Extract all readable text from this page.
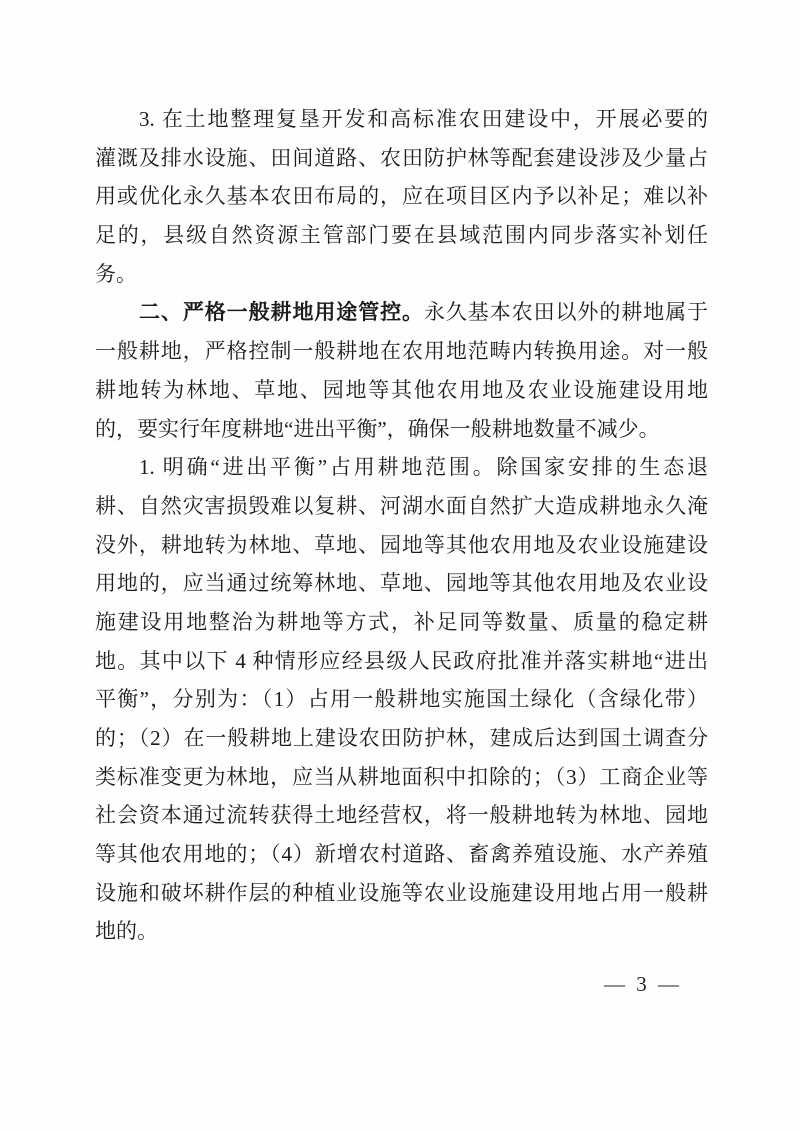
3. 在土地整理复垦开发和高标准农田建设中，开展必要的
灌溉及排水设施、田间道路、农田防护林等配套建设涉及少量占
用或优化永久基本农田布局的，应在项目区内予以补足；难以补
足的，县级自然资源主管部门要在县域范围内同步落实补划任
务。
二、严格一般耕地用途管控。永久基本农田以外的耕地属于
一般耕地，严格控制一般耕地在农用地范畴内转换用途。对一般
耕地转为林地、草地、园地等其他农用地及农业设施建设用地
的，要实行年度耕地“进出平衡”，确保一般耕地数量不减少。
1. 明确“进出平衡”占用耕地范围。除国家安排的生态退
耕、自然灾害损毁难以复耕、河湖水面自然扩大造成耕地永久淹
没外，耕地转为林地、草地、园地等其他农用地及农业设施建设
用地的，应当通过统筹林地、草地、园地等其他农用地及农业设
施建设用地整治为耕地等方式，补足同等数量、质量的稳定耕
地。其中以下 4 种情形应经县级人民政府批准并落实耕地“进出
平衡”，分别为：（1）占用一般耕地实施国土绿化（含绿化带）
的；（2）在一般耕地上建设农田防护林，建成后达到国土调查分
类标准变更为林地，应当从耕地面积中扣除的；（3）工商企业等
社会资本通过流转获得土地经营权，将一般耕地转为林地、园地
等其他农用地的；（4）新增农村道路、畜禽养殖设施、水产养殖
设施和破坏耕作层的种植业设施等农业设施建设用地占用一般耕
地的。
— 3 —
